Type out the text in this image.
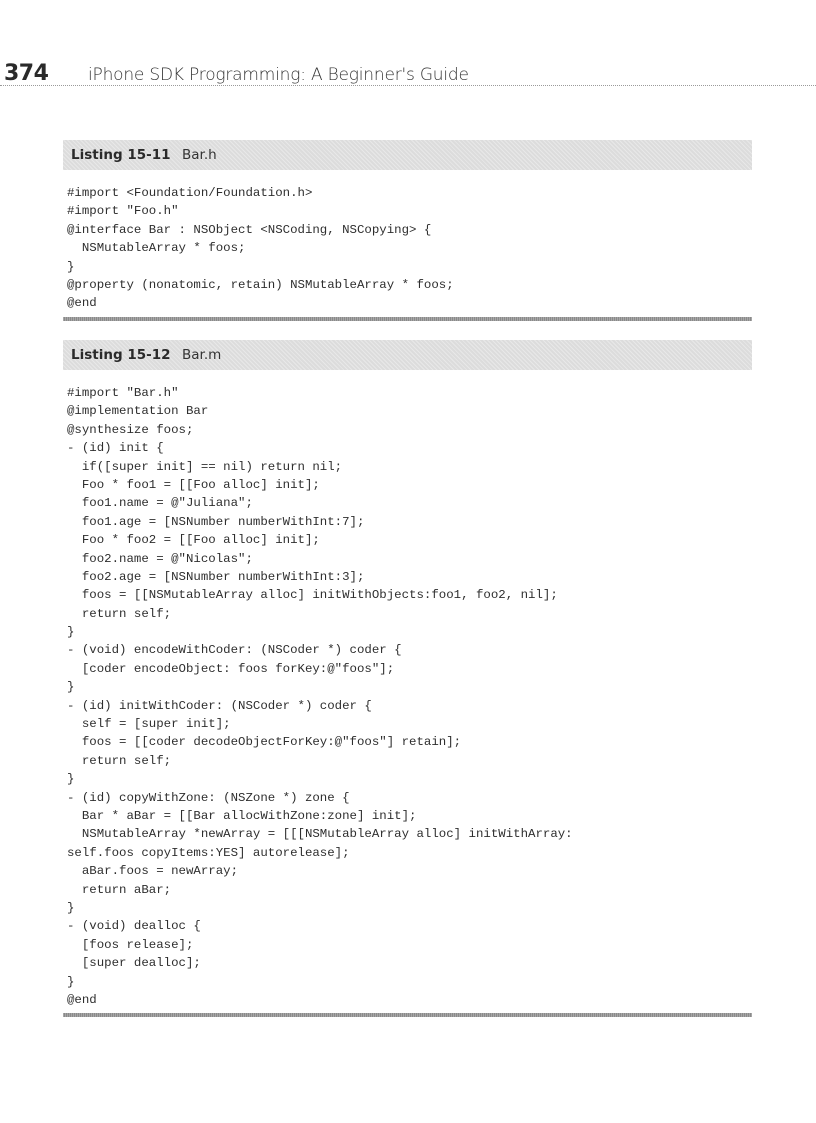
374 iPhone SDK Programming: A Beginner's Guide
Listing 15-11 Bar.h
#import <Foundation/Foundation.h>
#import "Foo.h"
@interface Bar : NSObject <NSCoding, NSCopying> {
NSMutableArray * foos;
}
@property (nonatomic, retain) NSMutableArray * foos;
@end
Listing 15-12 Bar.m
#import "Bar.h"
@implementation Bar
@synthesize foos;
- (id) init {
if([super init] == nil) return nil;
Foo * foo1 = [[Foo alloc] init];
foo1.name = @"Juliana";
foo1.age = [NSNumber numberWithInt:7];
Foo * foo2 = [[Foo alloc] init];
foo2.name = @"Nicolas";
foo2.age = [NSNumber numberWithInt:3];
foos = [[NSMutableArray alloc] initWithObjects:foo1, foo2, nil];
return self;
}
- (void) encodeWithCoder: (NSCoder *) coder {
[coder encodeObject: foos forKey:@"foos"];
}
- (id) initWithCoder: (NSCoder *) coder {
self = [super init];
foos = [[coder decodeObjectForKey:@"foos"] retain];
return self;
}
- (id) copyWithZone: (NSZone *) zone {
Bar * aBar = [[Bar allocWithZone:zone] init];
NSMutableArray *newArray = [[[NSMutableArray alloc] initWithArray:
self.foos copyItems:YES] autorelease];
aBar.foos = newArray;
return aBar;
}
- (void) dealloc {
[foos release];
[super dealloc];
}
@end
